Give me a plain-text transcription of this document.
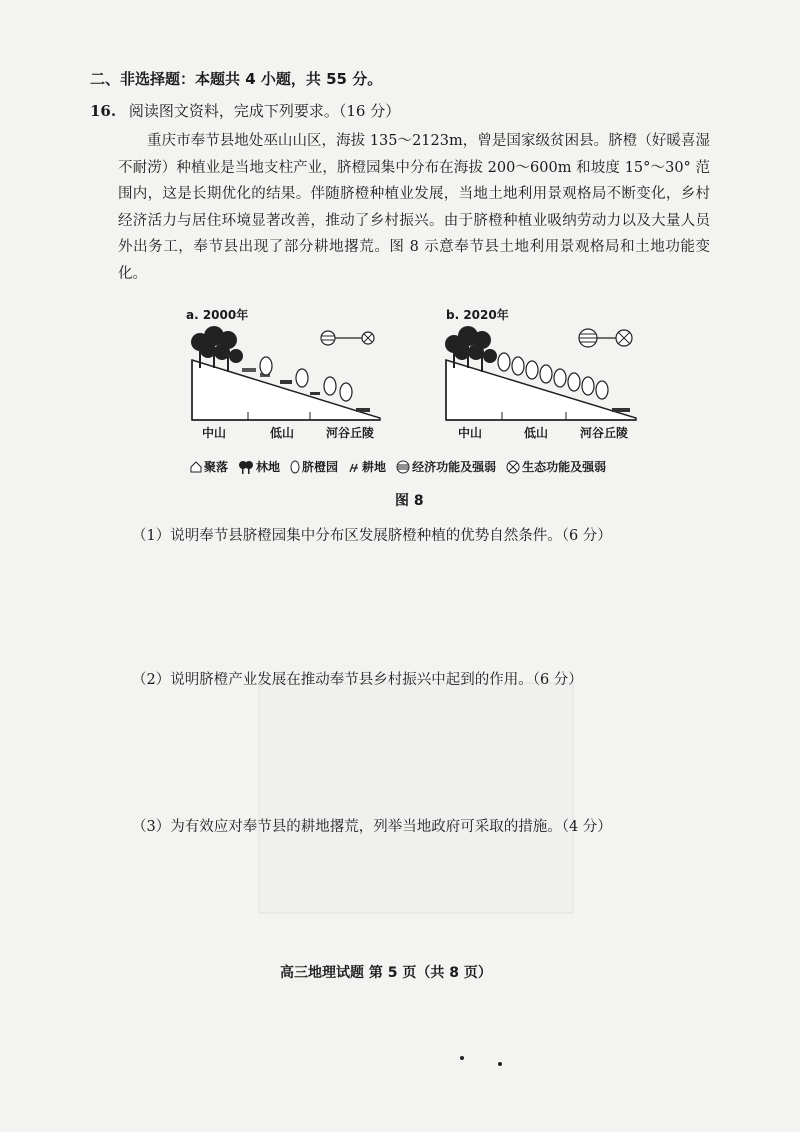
二、非选择题：本题共 4 小题，共 55 分。
16. 阅读图文资料，完成下列要求。（16 分）

重庆市奉节县地处巫山山区，海拔 135～2123m，曾是国家级贫困县。脐橙（好暖喜湿不耐涝）种植业是当地支柱产业，脐橙园集中分布在海拔 200～600m 和坡度 15°～30° 范围内，这是长期优化的结果。伴随脐橙种植业发展，当地土地利用景观格局不断变化，乡村经济活力与居住环境显著改善，推动了乡村振兴。由于脐橙种植业吸纳劳动力以及大量人员外出务工，奉节县出现了部分耕地撂荒。图 8 示意奉节县土地利用景观格局和土地功能变化。

a. 2000年
中山	低山	河谷丘陵
b. 2020年
中山	低山	河谷丘陵
聚落 林地 脐橙园 耕地 经济功能及强弱 生态功能及强弱
图 8
（1）说明奉节县脐橙园集中分布区发展脐橙种植的优势自然条件。（6 分）
（2）说明脐橙产业发展在推动奉节县乡村振兴中起到的作用。（6 分）
（3）为有效应对奉节县的耕地撂荒，列举当地政府可采取的措施。（4 分）
高三地理试题 第 5 页（共 8 页）
